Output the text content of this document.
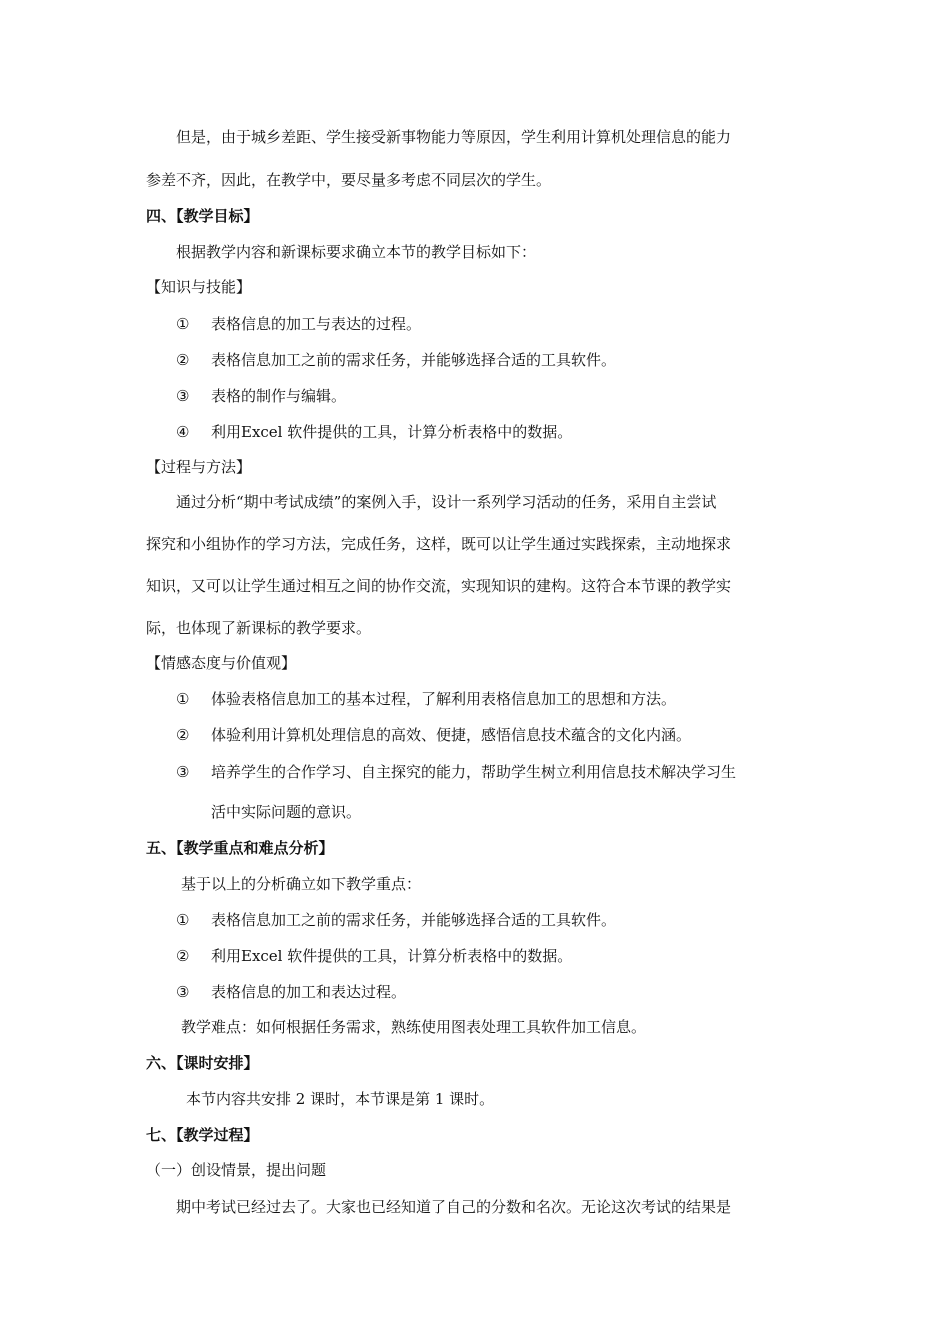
但是，由于城乡差距、学生接受新事物能力等原因，学生利用计算机处理信息的能力
参差不齐，因此，在教学中，要尽量多考虑不同层次的学生。
四、【教学目标】
根据教学内容和新课标要求确立本节的教学目标如下：
【知识与技能】
① 表格信息的加工与表达的过程。
② 表格信息加工之前的需求任务，并能够选择合适的工具软件。
③ 表格的制作与编辑。
④ 利用Excel 软件提供的工具，计算分析表格中的数据。
【过程与方法】
通过分析“期中考试成绩”的案例入手，设计一系列学习活动的任务，采用自主尝试
探究和小组协作的学习方法，完成任务，这样，既可以让学生通过实践探索，主动地探求
知识，又可以让学生通过相互之间的协作交流，实现知识的建构。这符合本节课的教学实
际，也体现了新课标的教学要求。
【情感态度与价值观】
① 体验表格信息加工的基本过程，了解利用表格信息加工的思想和方法。
② 体验利用计算机处理信息的高效、便捷，感悟信息技术蕴含的文化内涵。
③ 培养学生的合作学习、自主探究的能力，帮助学生树立利用信息技术解决学习生
活中实际问题的意识。
五、【教学重点和难点分析】
基于以上的分析确立如下教学重点：
① 表格信息加工之前的需求任务，并能够选择合适的工具软件。
② 利用Excel 软件提供的工具，计算分析表格中的数据。
③ 表格信息的加工和表达过程。
教学难点：如何根据任务需求，熟练使用图表处理工具软件加工信息。
六、【课时安排】
本节内容共安排 2 课时，本节课是第 1 课时。
七、【教学过程】
（一）创设情景，提出问题
期中考试已经过去了。大家也已经知道了自己的分数和名次。无论这次考试的结果是
